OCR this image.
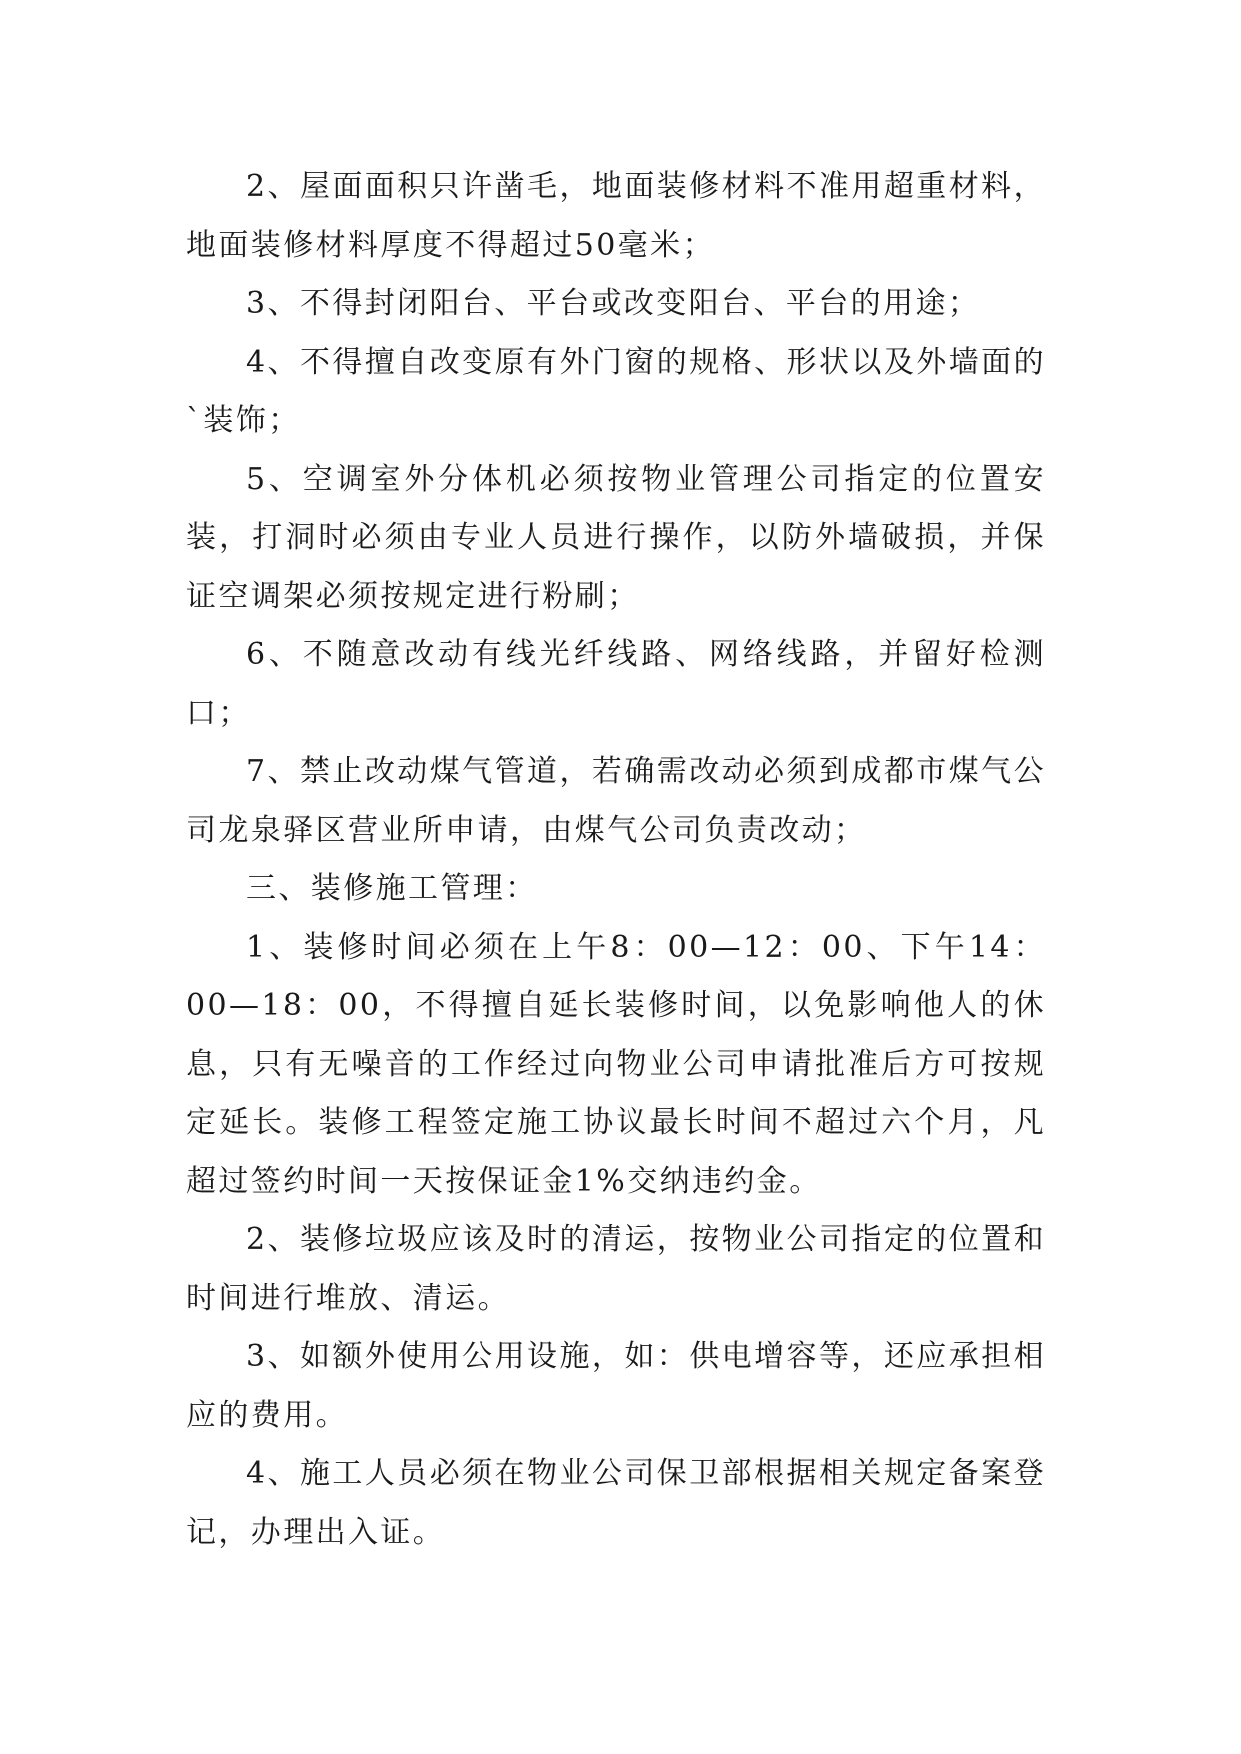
2、屋面面积只许凿毛，地面装修材料不准用超重材料，地面装修材料厚度不得超过50毫米；

3、不得封闭阳台、平台或改变阳台、平台的用途；

4、不得擅自改变原有外门窗的规格、形状以及外墙面的`装饰；

5、空调室外分体机必须按物业管理公司指定的位置安装，打洞时必须由专业人员进行操作，以防外墙破损，并保证空调架必须按规定进行粉刷；

6、不随意改动有线光纤线路、网络线路，并留好检测口；

7、禁止改动煤气管道，若确需改动必须到成都市煤气公司龙泉驿区营业所申请，由煤气公司负责改动；

三、装修施工管理：

1、装修时间必须在上午8：00—12：00、下午14：00—18：00，不得擅自延长装修时间，以免影响他人的休息，只有无噪音的工作经过向物业公司申请批准后方可按规定延长。装修工程签定施工协议最长时间不超过六个月，凡超过签约时间一天按保证金1%交纳违约金。

2、装修垃圾应该及时的清运，按物业公司指定的位置和时间进行堆放、清运。

3、如额外使用公用设施，如：供电增容等，还应承担相应的费用。

4、施工人员必须在物业公司保卫部根据相关规定备案登记，办理出入证。
